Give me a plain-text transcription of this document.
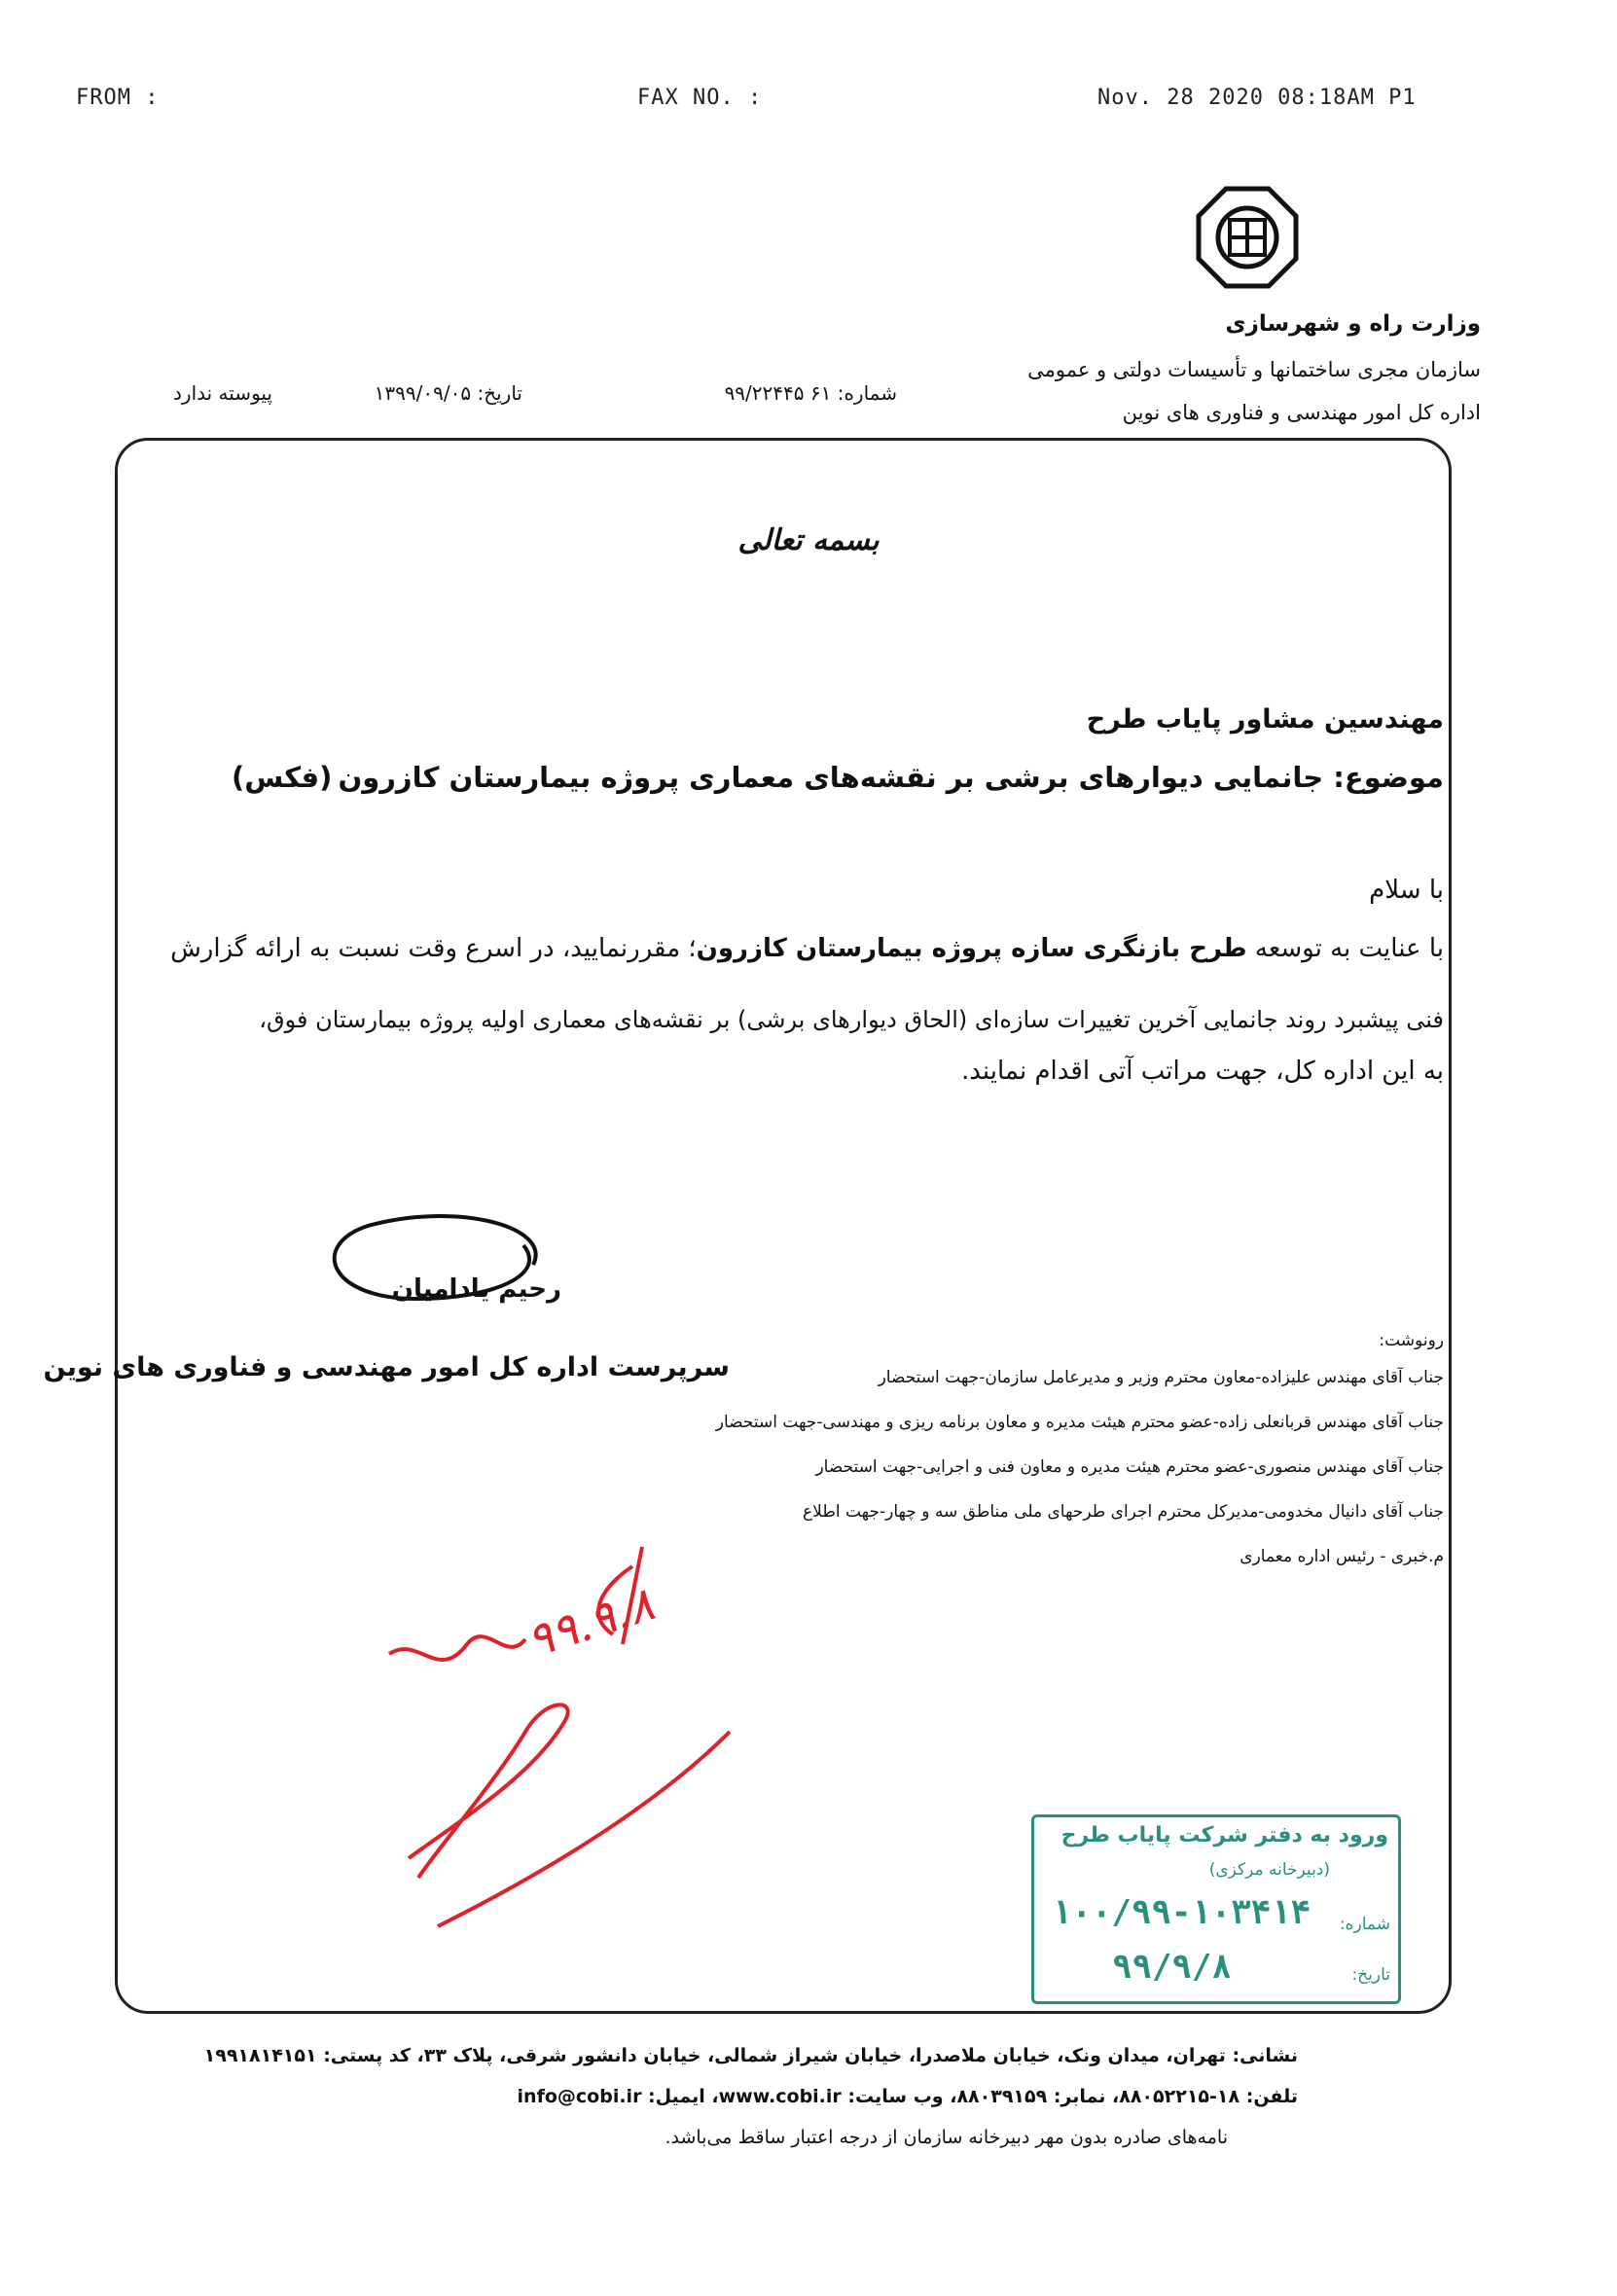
FROM :	FAX NO. :	Nov. 28 2020 08:18AM P1
وزارت راه و شهرسازی
سازمان مجری ساختمانها و تأسیسات دولتی و عمومی
اداره کل امور مهندسی و فناوری های نوین
شماره: ۶۱ ۹۹/۲۲۴۴۵
تاریخ: ۱۳۹۹/۰۹/۰۵
پیوسته ندارد
بسمه تعالی
مهندسین مشاور پایاب طرح
موضوع: جانمایی دیوارهای برشی بر نقشه‌های معماری پروژه بیمارستان کازرون
(فکس)
با سلام
با عنایت به توسعه طرح بازنگری سازه پروژه بیمارستان کازرون؛ مقررنمایید، در اسرع وقت نسبت به ارائه گزارش
فنی پیشبرد روند جانمایی آخرین تغییرات سازه‌ای (الحاق دیوارهای برشی) بر نقشه‌های معماری اولیه پروژه بیمارستان فوق،
به این اداره کل، جهت مراتب آتی اقدام نمایند.
رحیم یادامیان
سرپرست اداره کل امور مهندسی و فناوری های نوین
رونوشت:
جناب آقای مهندس علیزاده-معاون محترم وزیر و مدیرعامل سازمان-جهت استحضار
جناب آقای مهندس قربانعلی زاده-عضو محترم هیئت مدیره و معاون برنامه ریزی و مهندسی-جهت استحضار
جناب آقای مهندس منصوری-عضو محترم هیئت مدیره و معاون فنی و اجرایی-جهت استحضار
جناب آقای دانیال مخدومی-مدیرکل محترم اجرای طرحهای ملی مناطق سه و چهار-جهت اطلاع
م.خبری - رئیس اداره معماری
۹۹.۹.۸
ورود به دفتر شرکت پایاب طرح
(دبیرخانه مرکزی)
شماره:
۱۰۰/۹۹-۱۰۳۴۱۴
تاریخ:
۹۹/۹/۸
نشانی: تهران، میدان ونک، خیابان ملاصدرا، خیابان شیراز شمالی، خیابان دانشور شرقی، پلاک ۳۳، کد پستی: ۱۹۹۱۸۱۴۱۵۱
تلفن: ۱۸-۸۸۰۵۲۲۱۵، نمابر: ۸۸۰۳۹۱۵۹، وب سایت: www.cobi.ir، ایمیل: info@cobi.ir
نامه‌های صادره بدون مهر دبیرخانه سازمان از درجه اعتبار ساقط می‌باشد.
